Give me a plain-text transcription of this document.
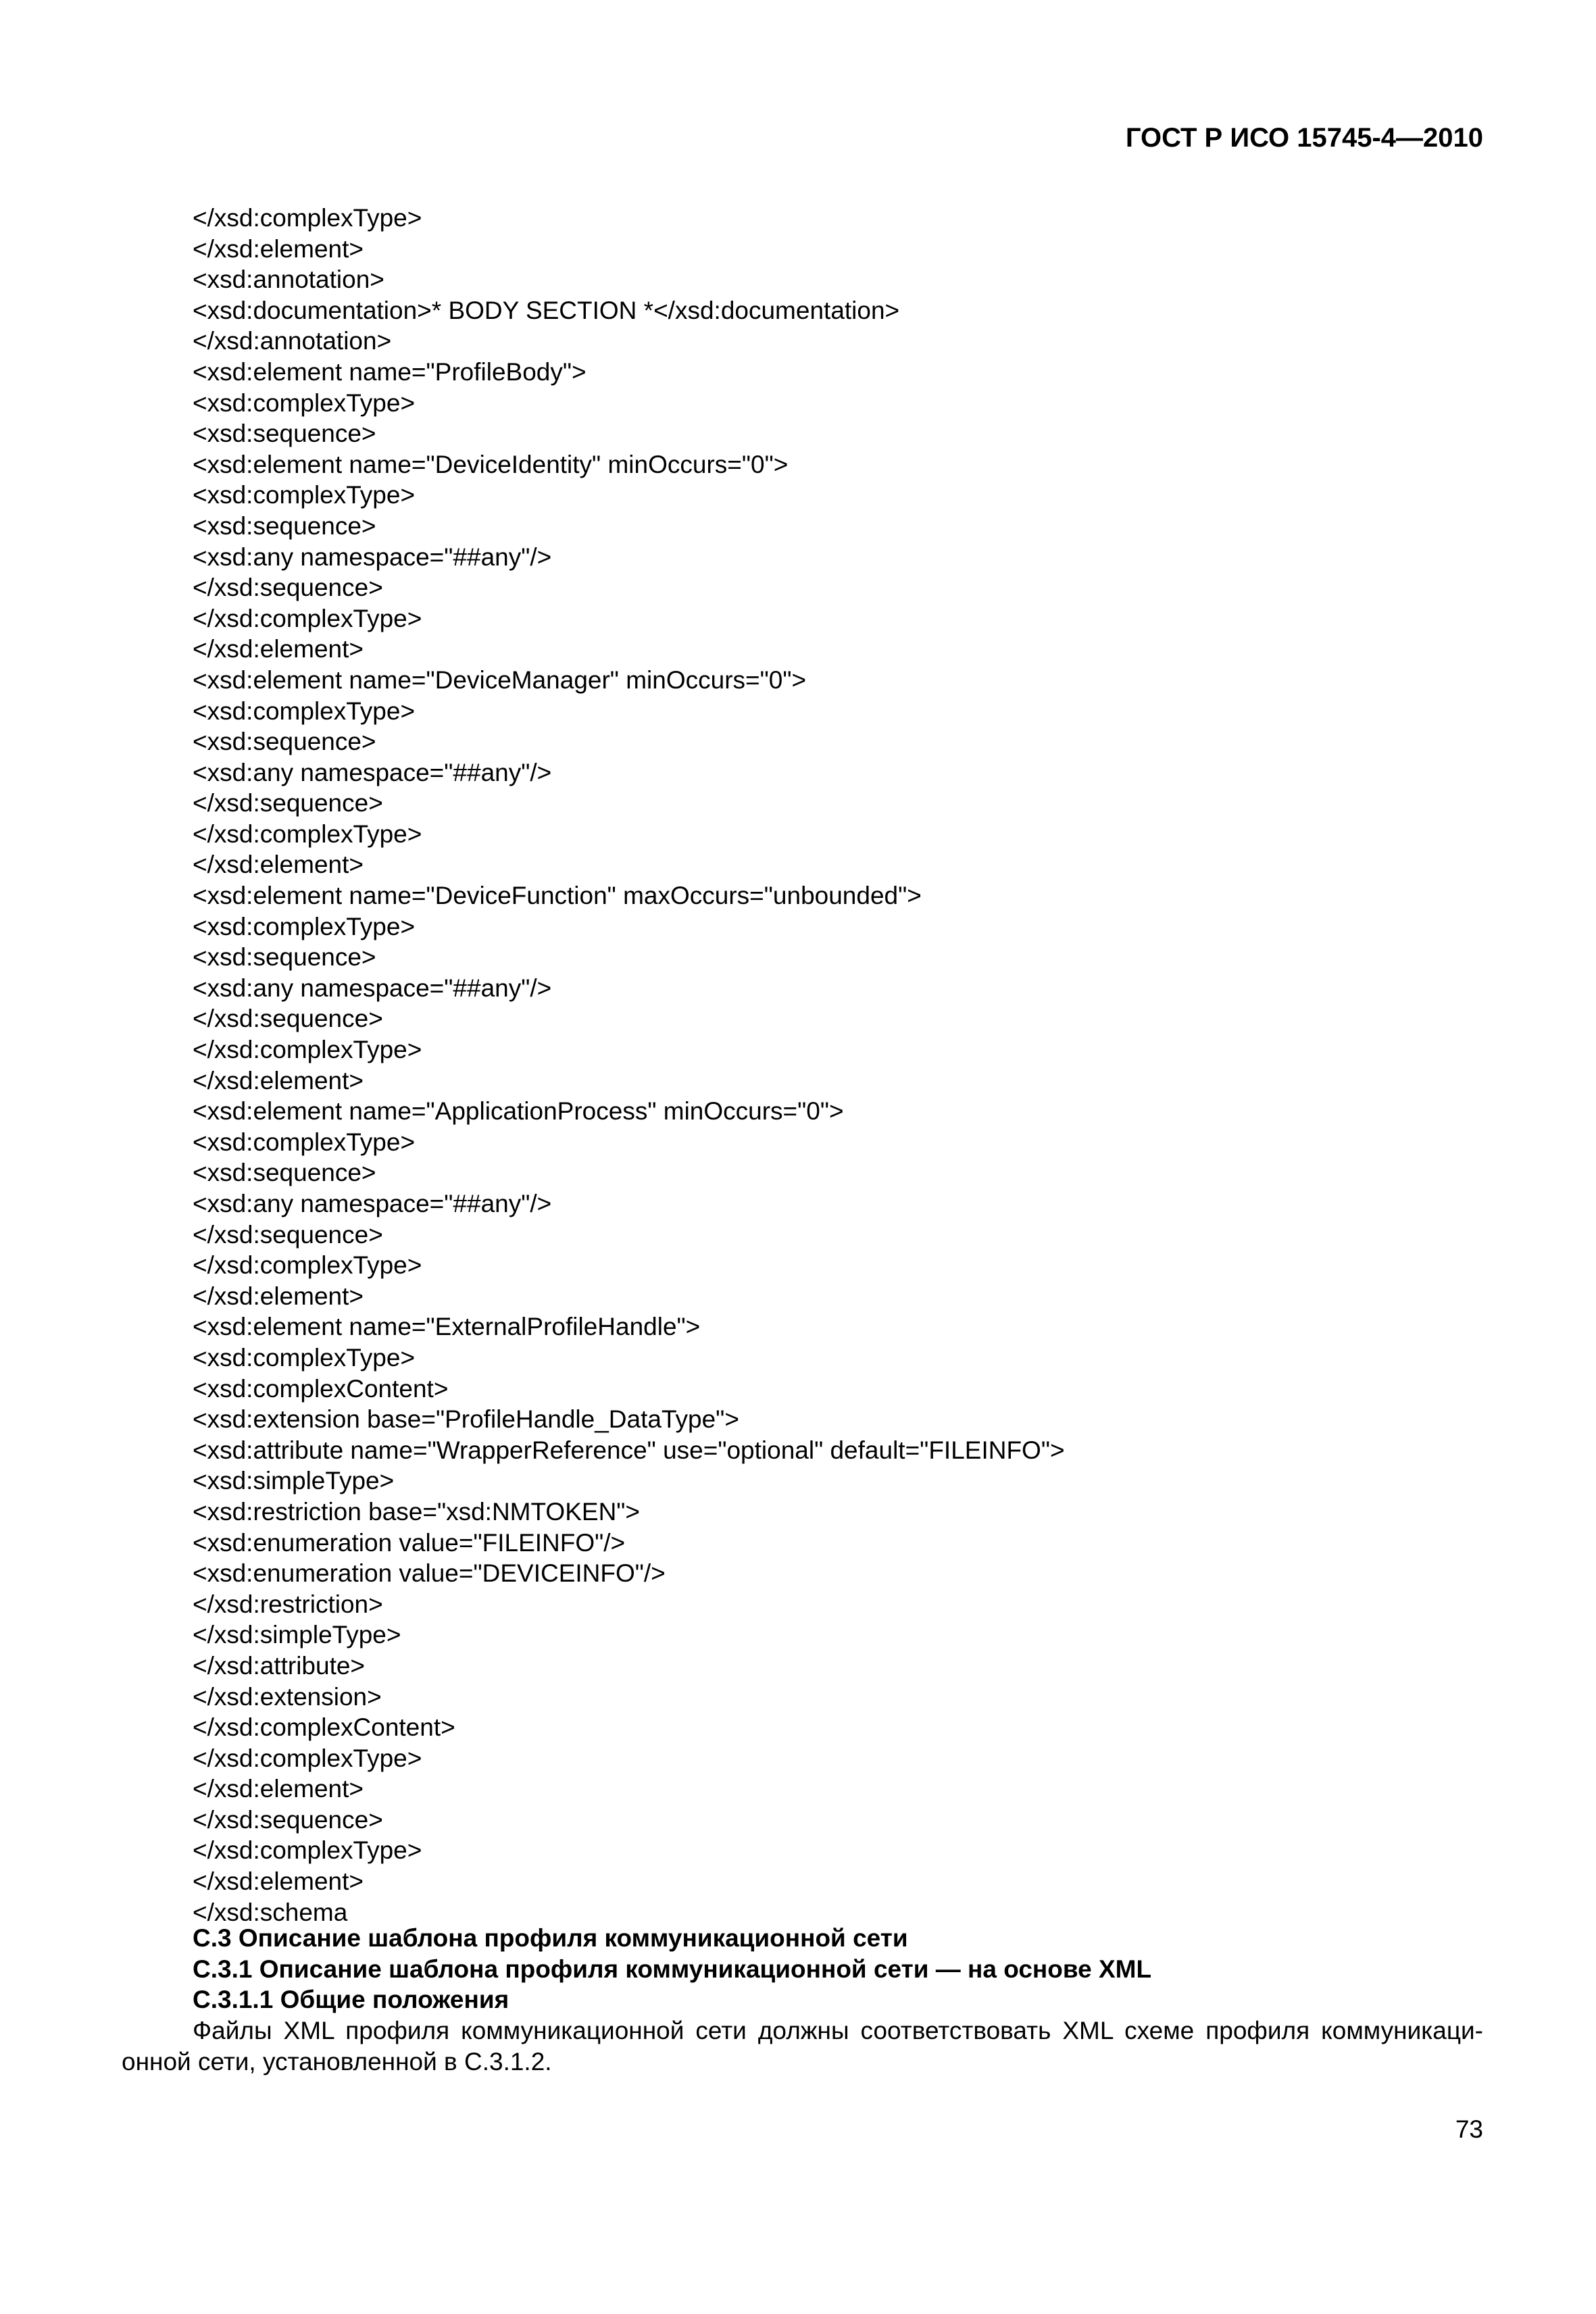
ГОСТ Р ИСО 15745-4—2010
</xsd:complexType>
</xsd:element>
<xsd:annotation>
<xsd:documentation>* BODY SECTION *</xsd:documentation>
</xsd:annotation>
<xsd:element name="ProfileBody">
<xsd:complexType>
<xsd:sequence>
<xsd:element name="DeviceIdentity" minOccurs="0">
<xsd:complexType>
<xsd:sequence>
<xsd:any namespace="##any"/>
</xsd:sequence>
</xsd:complexType>
</xsd:element>
<xsd:element name="DeviceManager" minOccurs="0">
<xsd:complexType>
<xsd:sequence>
<xsd:any namespace="##any"/>
</xsd:sequence>
</xsd:complexType>
</xsd:element>
<xsd:element name="DeviceFunction" maxOccurs="unbounded">
<xsd:complexType>
<xsd:sequence>
<xsd:any namespace="##any"/>
</xsd:sequence>
</xsd:complexType>
</xsd:element>
<xsd:element name="ApplicationProcess" minOccurs="0">
<xsd:complexType>
<xsd:sequence>
<xsd:any namespace="##any"/>
</xsd:sequence>
</xsd:complexType>
</xsd:element>
<xsd:element name="ExternalProfileHandle">
<xsd:complexType>
<xsd:complexContent>
<xsd:extension base="ProfileHandle_DataType">
<xsd:attribute name="WrapperReference" use="optional" default="FILEINFO">
<xsd:simpleType>
<xsd:restriction base="xsd:NMTOKEN">
<xsd:enumeration value="FILEINFO"/>
<xsd:enumeration value="DEVICEINFO"/>
</xsd:restriction>
</xsd:simpleType>
</xsd:attribute>
</xsd:extension>
</xsd:complexContent>
</xsd:complexType>
</xsd:element>
</xsd:sequence>
</xsd:complexType>
</xsd:element>
</xsd:schema
С.3 Описание шаблона профиля коммуникационной сети
С.3.1 Описание шаблона профиля коммуникационной сети — на основе XML
С.3.1.1 Общие положения
Файлы XML профиля коммуникационной сети должны соответствовать XML схеме профиля коммуникаци-
онной сети, установленной в С.3.1.2.
73
